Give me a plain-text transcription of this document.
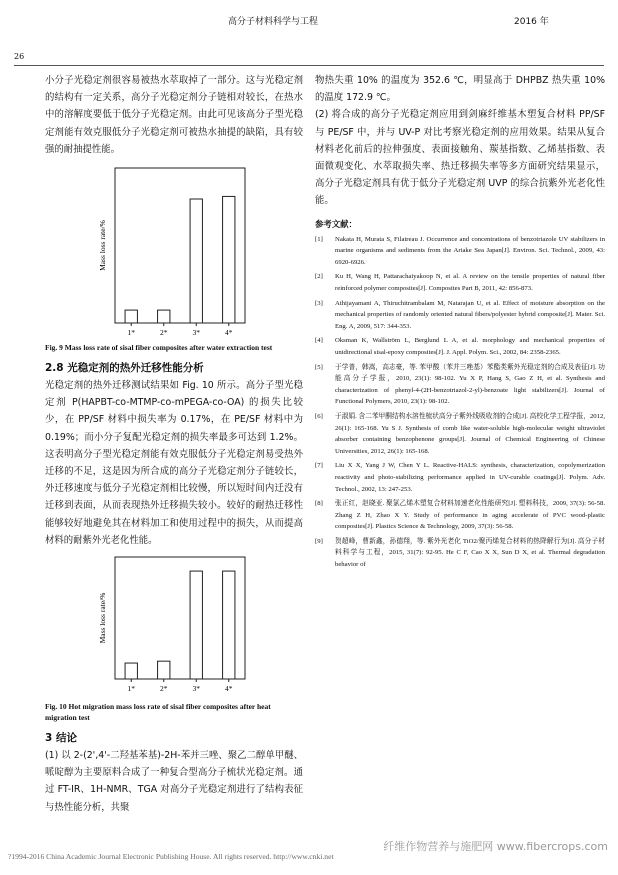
高分子材料科学与工程	2016 年
26

小分子光稳定剂很容易被热水萃取掉了一部分。这与光稳定剂的结构有一定关系，高分子光稳定剂分子链相对较长，在热水中的溶解度要低于低分子光稳定剂。由此可见该高分子型光稳定剂能有效克服低分子光稳定剂可被热水抽提的缺陷，具有较强的耐抽提性能。

Mass loss rate/%
1*	2*	3*	4*
Fig. 9 Mass loss rate of sisal fiber composites after water extraction test
2.8 光稳定剂的热外迁移性能分析

光稳定剂的热外迁移测试结果如 Fig. 10 所示。高分子型光稳定剂 P(HAPBT-co-MTMP-co-mPEGA-co-OA) 的损失比较少，在 PP/SF 材料中损失率为 0.17%，在 PE/SF 材料中为 0.19%；而小分子复配光稳定剂的损失率最多可达到 1.2%。这表明高分子型光稳定剂能有效克服低分子光稳定剂易受热外迁移的不足，这是因为所合成的高分子光稳定剂分子链较长，外迁移速度与低分子光稳定剂相比较慢，所以短时间内迁没有迁移到表面，从而表现热外迁移损失较小。较好的耐热迁移性能够较好地避免其在材料加工和使用过程中的损失，从而提高材料的耐紫外光老化性能。

Mass loss rate/%
1*	2*	3*	4*
Fig. 10 Hot migration mass loss rate of sisal fiber composites after heat migration test
3 结论

(1) 以 2-(2',4'-二羟基苯基)-2H-苯并三唑、聚乙二醇单甲醚、哌啶醇为主要原料合成了一种复合型高分子梳状光稳定剂。通过 FT-IR、1H-NMR、TGA 对高分子光稳定剂进行了结构表征与热性能分析，共聚

物热失重 10% 的温度为 352.6 ℃，明显高于 DHPBZ 热失重 10% 的温度 172.9 ℃。

(2) 将合成的高分子光稳定剂应用到剑麻纤维基木塑复合材料 PP/SF 与 PE/SF 中，并与 UV-P 对比考察光稳定剂的应用效果。结果从复合材料老化前后的拉伸强度、表面接触角、羰基指数、乙烯基指数、表面微观变化、水萃取损失率、热迁移损失率等多方面研究结果显示，高分子光稳定剂具有优于低分子光稳定剂 UVP 的综合抗紫外光老化性能。

参考文献：
[1]	Nakata H, Murata S, Filatreau J. Occurrence and concentrations of benzotriazole UV stabilizers in marine organisms and sediments from the Ariake Sea Japan[J]. Environ. Sci. Technol., 2009, 43: 6920-6926.
[2]	Ku H, Wang H, Pattarachaiyakoop N, et al. A review on the tensile properties of natural fiber reinforced polymer composites[J]. Composites Part B, 2011, 42: 856-873.
[3]	Athijayamani A, Thiruchitrambalam M, Natarajan U, et al. Effect of moisture absorption on the mechanical properties of randomly oriented natural fibers/polyester hybrid composite[J]. Mater. Sci. Eng. A, 2009, 517: 344-353.
[4]	Oksman K, Wallström L, Berglund L A, et al. morphology and mechanical properties of unidirectional sisal-epoxy composites[J]. J. Appl. Polym. Sci., 2002, 84: 2358-2365.
[5]	于学普，韩嵩，高志豪，等. 苯甲酸（苯并三唑基）苯酯类紫外光稳定剂的合成及表征[J]. 功能高分子学报，2010, 23(1): 98-102. Yu X P, Hang S, Gao Z H, et al. Synthesis and characterization of phenyl-4-(2H-benzotriazol-2-yl)-benzoate light stabilizers[J]. Journal of Functional Polymers, 2010, 23(1): 98-102.
[6]	于淑娟. 含二苯甲酮结构水溶性梳状高分子紫外线吸收剂的合成[J]. 高校化学工程学报，2012, 26(1): 165-168. Yu S J. Synthesis of comb like water-soluble high-molecular weight ultraviolet absorber containing benzophenone groups[J]. Journal of Chemical Engineering of Chinese Universities, 2012, 26(1): 165-168.
[7]	Liu X X, Yang J W, Chen Y L. Reactive-HALS: synthesis, characterization, copolymerization reactivity and photo-stabilizing performance applied in UV-curable coatings[J]. Polym. Adv. Technol., 2002, 13: 247-253.
[8]	张正红，赵晓亚. 聚氯乙烯木塑复合材料加速老化性能研究[J]. 塑料科技，2009, 37(3): 56-58. Zhang Z H, Zhao X Y. Study of performance in aging accelerate of PVC wood-plastic composites[J]. Plastics Science & Technology, 2009, 37(3): 56-58.
[9]	贺超峰，曹新鑫，孙德翔，等. 紫外光老化 TiO2/聚丙烯复合材料的热降解行为[J]. 高分子材料科学与工程，2015, 31(7): 92-95. He C F, Cao X X, Sun D X, et al. Thermal degradation behavior of
?1994-2016 China Academic Journal Electronic Publishing House. All rights reserved. http://www.cnki.net
纤维作物营养与施肥网 www.fibercrops.com
